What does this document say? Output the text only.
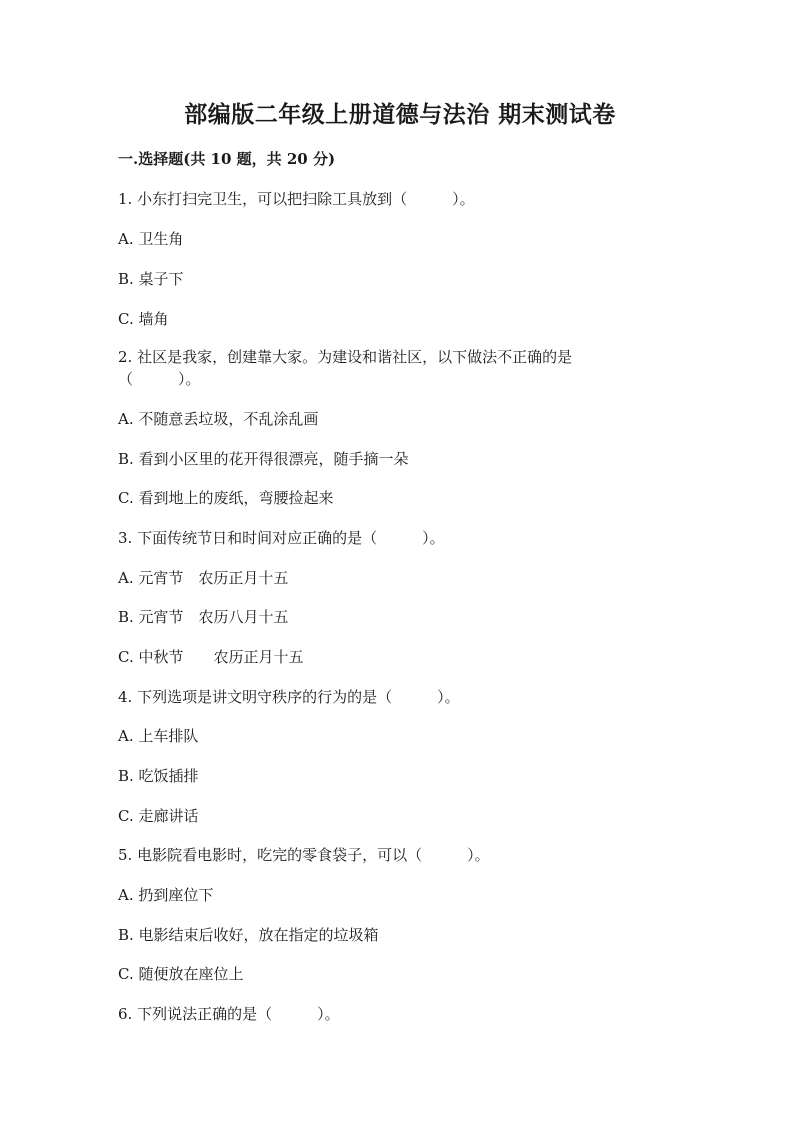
部编版二年级上册道德与法治 期末测试卷
一.选择题(共 10 题，共 20 分)
1. 小东打扫完卫生，可以把扫除工具放到（　　　）。
A. 卫生角
B. 桌子下
C. 墙角
2. 社区是我家，创建靠大家。为建设和谐社区，以下做法不正确的是
（　　　）。
A. 不随意丢垃圾，不乱涂乱画
B. 看到小区里的花开得很漂亮，随手摘一朵
C. 看到地上的废纸，弯腰捡起来
3. 下面传统节日和时间对应正确的是（　　　）。
A. 元宵节　农历正月十五
B. 元宵节　农历八月十五
C. 中秋节　　农历正月十五
4. 下列选项是讲文明守秩序的行为的是（　　　）。
A. 上车排队
B. 吃饭插排
C. 走廊讲话
5. 电影院看电影时，吃完的零食袋子，可以（　　　）。
A. 扔到座位下
B. 电影结束后收好，放在指定的垃圾箱
C. 随便放在座位上
6. 下列说法正确的是（　　　）。
